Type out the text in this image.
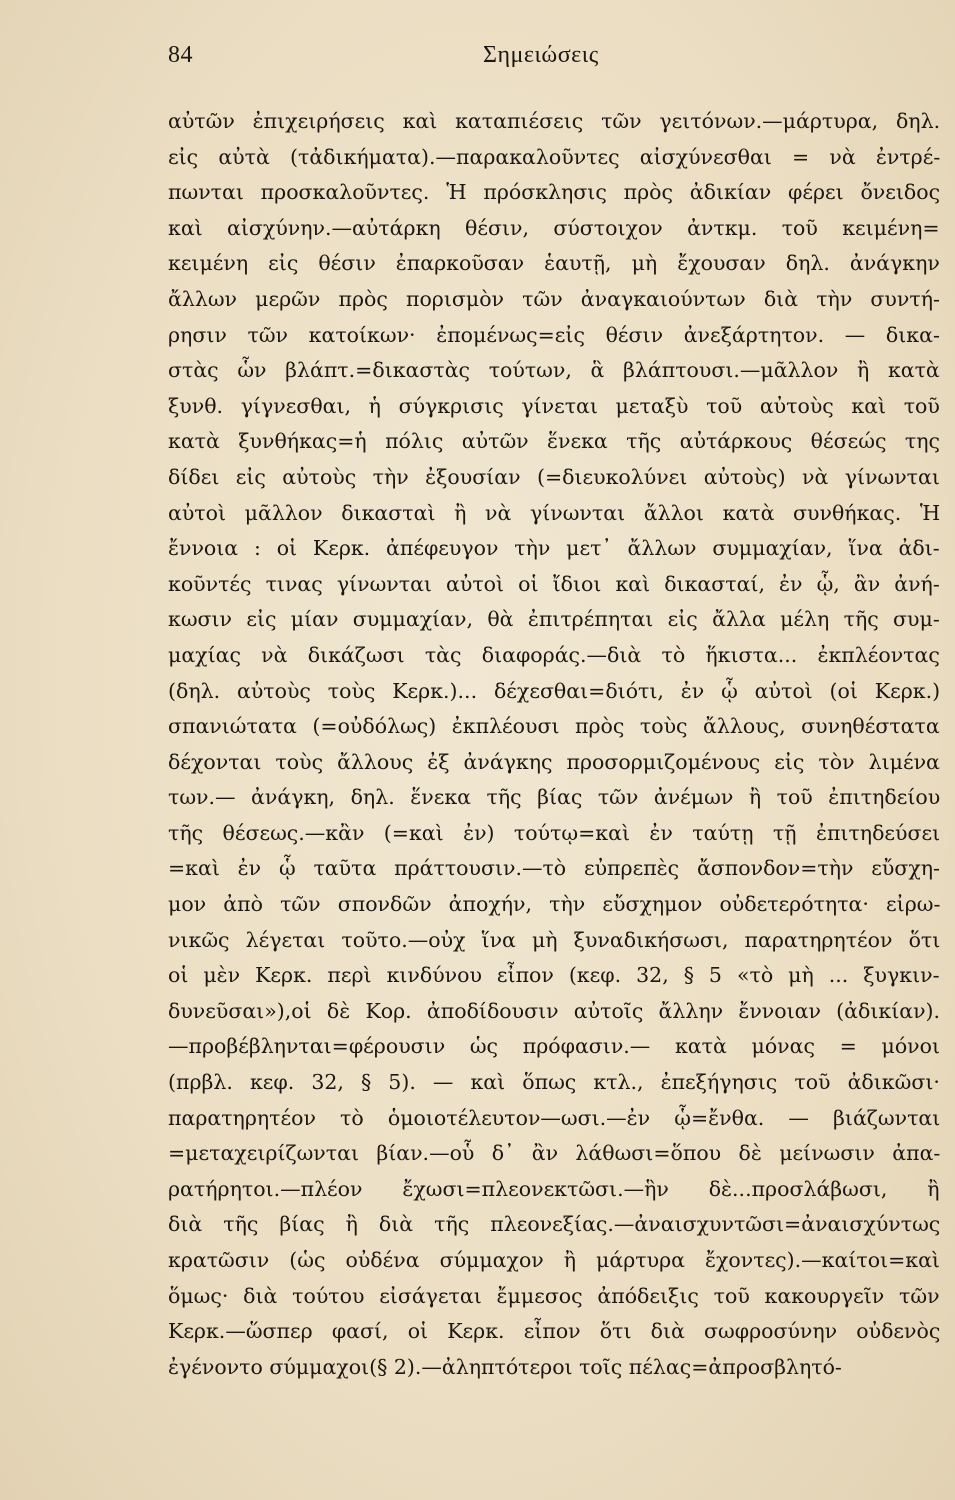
84	Σημειώσεις
αὐτῶν ἐπιχειρήσεις καὶ καταπιέσεις τῶν γειτόνων.—μάρτυρα, δηλ.
εἰς αὐτὰ (τἀδικήματα).—παρακαλοῦντες αἰσχύνεσθαι = νὰ ἐντρέ-
πωνται προσκαλοῦντες. Ἡ πρόσκλησις πρὸς ἀδικίαν φέρει ὄνειδος
καὶ αἰσχύνην.—αὐτάρκη θέσιν, σύστοιχον ἀντκμ. τοῦ κειμένη=
κειμένη εἰς θέσιν ἐπαρκοῦσαν ἑαυτῇ, μὴ ἔχουσαν δηλ. ἀνάγκην
ἄλλων μερῶν πρὸς πορισμὸν τῶν ἀναγκαιούντων διὰ τὴν συντή-
ρησιν τῶν κατοίκων· ἐπομένως=εἰς θέσιν ἀνεξάρτητον. — δικα-
στὰς ὧν βλάπτ.=δικαστὰς τούτων, ἃ βλάπτουσι.—μᾶλλον ἢ κατὰ
ξυνθ. γίγνεσθαι, ἡ σύγκρισις γίνεται μεταξὺ τοῦ αὐτοὺς καὶ τοῦ
κατὰ ξυνθήκας=ἡ πόλις αὐτῶν ἕνεκα τῆς αὐτάρκους θέσεώς της
δίδει εἰς αὐτοὺς τὴν ἐξουσίαν (=διευκολύνει αὐτοὺς) νὰ γίνωνται
αὐτοὶ μᾶλλον δικασταὶ ἢ νὰ γίνωνται ἄλλοι κατὰ συνθήκας. Ἡ
ἔννοια : οἱ Κερκ. ἀπέφευγον τὴν μετ᾽ ἄλλων συμμαχίαν, ἵνα ἀδι-
κοῦντές τινας γίνωνται αὐτοὶ οἱ ἴδιοι καὶ δικασταί, ἐν ᾧ, ἂν ἀνή-
κωσιν εἰς μίαν συμμαχίαν, θὰ ἐπιτρέπηται εἰς ἄλλα μέλη τῆς συμ-
μαχίας νὰ δικάζωσι τὰς διαφοράς.—διὰ τὸ ἥκιστα... ἐκπλέοντας
(δηλ. αὐτοὺς τοὺς Κερκ.)... δέχεσθαι=διότι, ἐν ᾧ αὐτοὶ (οἱ Κερκ.)
σπανιώτατα (=οὐδόλως) ἐκπλέουσι πρὸς τοὺς ἄλλους, συνηθέστατα
δέχονται τοὺς ἄλλους ἐξ ἀνάγκης προσορμιζομένους εἰς τὸν λιμένα
των.— ἀνάγκη, δηλ. ἕνεκα τῆς βίας τῶν ἀνέμων ἢ τοῦ ἐπιτηδείου
τῆς θέσεως.—κἂν (=καὶ ἐν) τούτῳ=καὶ ἐν ταύτῃ τῇ ἐπιτηδεύσει
=καὶ ἐν ᾧ ταῦτα πράττουσιν.—τὸ εὐπρεπὲς ἄσπονδον=τὴν εὔσχη-
μον ἀπὸ τῶν σπονδῶν ἀποχήν, τὴν εὔσχημον οὐδετερότητα· εἰρω-
νικῶς λέγεται τοῦτο.—οὐχ ἵνα μὴ ξυναδικήσωσι, παρατηρητέον ὅτι
οἱ μὲν Κερκ. περὶ κινδύνου εἶπον (κεφ. 32, § 5 «τὸ μὴ ... ξυγκιν-
δυνεῦσαι»),οἱ δὲ Κορ. ἀποδίδουσιν αὐτοῖς ἄλλην ἔννοιαν (ἀδικίαν).
—προβέβληνται=φέρουσιν ὡς πρόφασιν.— κατὰ μόνας = μόνοι
(πρβλ. κεφ. 32, § 5). — καὶ ὅπως κτλ., ἐπεξήγησις τοῦ ἀδικῶσι·
παρατηρητέον τὸ ὁμοιοτέλευτον—ωσι.—ἐν ᾧ=ἔνθα. — βιάζωνται
=μεταχειρίζωνται βίαν.—οὗ δ᾽ ἂν λάθωσι=ὅπου δὲ μείνωσιν ἀπα-
ρατήρητοι.—πλέον ἔχωσι=πλεονεκτῶσι.—ἣν δὲ...προσλάβωσι, ἢ
διὰ τῆς βίας ἢ διὰ τῆς πλεονεξίας.—ἀναισχυντῶσι=ἀναισχύντως
κρατῶσιν (ὡς οὐδένα σύμμαχον ἢ μάρτυρα ἔχοντες).—καίτοι=καὶ
ὅμως· διὰ τούτου εἰσάγεται ἔμμεσος ἀπόδειξις τοῦ κακουργεῖν τῶν
Κερκ.—ὥσπερ φασί, οἱ Κερκ. εἶπον ὅτι διὰ σωφροσύνην οὐδενὸς
ἐγένοντο σύμμαχοι(§ 2).—ἀληπτότεροι τοῖς πέλας=ἀπροσβλητό-
